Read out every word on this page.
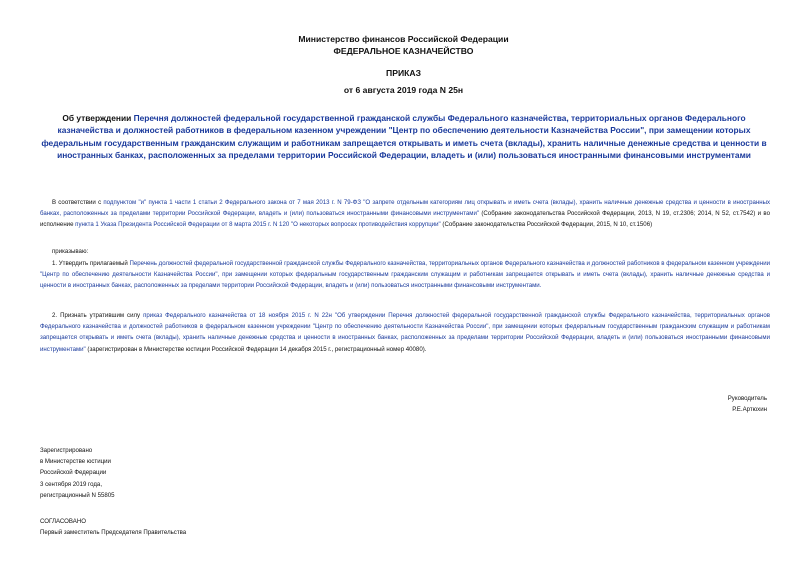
Министерство финансов Российской Федерации
ФЕДЕРАЛЬНОЕ КАЗНАЧЕЙСТВО
ПРИКАЗ
от 6 августа 2019 года N 25н
Об утверждении Перечня должностей федеральной государственной гражданской службы Федерального казначейства, территориальных органов Федерального казначейства и должностей работников в федеральном казенном учреждении "Центр по обеспечению деятельности Казначейства России", при замещении которых федеральным государственным гражданским служащим и работникам запрещается открывать и иметь счета (вклады), хранить наличные денежные средства и ценности в иностранных банках, расположенных за пределами территории Российской Федерации, владеть и (или) пользоваться иностранными финансовыми инструментами
В соответствии с подпунктом "и" пункта 1 части 1 статьи 2 Федерального закона от 7 мая 2013 г. N 79-ФЗ "О запрете отдельным категориям лиц открывать и иметь счета (вклады), хранить наличные денежные средства и ценности в иностранных банках, расположенных за пределами территории Российской Федерации, владеть и (или) пользоваться иностранными финансовыми инструментами" (Собрание законодательства Российской Федерации, 2013, N 19, ст.2306; 2014, N 52, ст.7542) и во исполнение пункта 1 Указа Президента Российской Федерации от 8 марта 2015 г. N 120 "О некоторых вопросах противодействия коррупции" (Собрание законодательства Российской Федерации, 2015, N 10, ст.1506)
приказываю:
1. Утвердить прилагаемый Перечень должностей федеральной государственной гражданской службы Федерального казначейства, территориальных органов Федерального казначейства и должностей работников в федеральном казенном учреждении "Центр по обеспечению деятельности Казначейства России", при замещении которых федеральным государственным гражданским служащим и работникам запрещается открывать и иметь счета (вклады), хранить наличные денежные средства и ценности в иностранных банках, расположенных за пределами территории Российской Федерации, владеть и (или) пользоваться иностранными финансовыми инструментами.
2. Признать утратившим силу приказ Федерального казначейства от 18 ноября 2015 г. N 22н "Об утверждении Перечня должностей федеральной государственной гражданской службы Федерального казначейства, территориальных органов Федерального казначейства и должностей работников в федеральном казенном учреждении "Центр по обеспечению деятельности Казначейства России", при замещении которых федеральным государственным гражданским служащим и работникам запрещается открывать и иметь счета (вклады), хранить наличные денежные средства и ценности в иностранных банках, расположенных за пределами территории Российской Федерации, владеть и (или) пользоваться иностранными финансовыми инструментами" (зарегистрирован в Министерстве юстиции Российской Федерации 14 декабря 2015 г., регистрационный номер 40080).
Руководитель
Р.Е.Артюхин
Зарегистрировано
в Министерстве юстиции
Российской Федерации
3 сентября 2019 года,
регистрационный N 55805
СОГЛАСОВАНО
Первый заместитель Председателя Правительства
